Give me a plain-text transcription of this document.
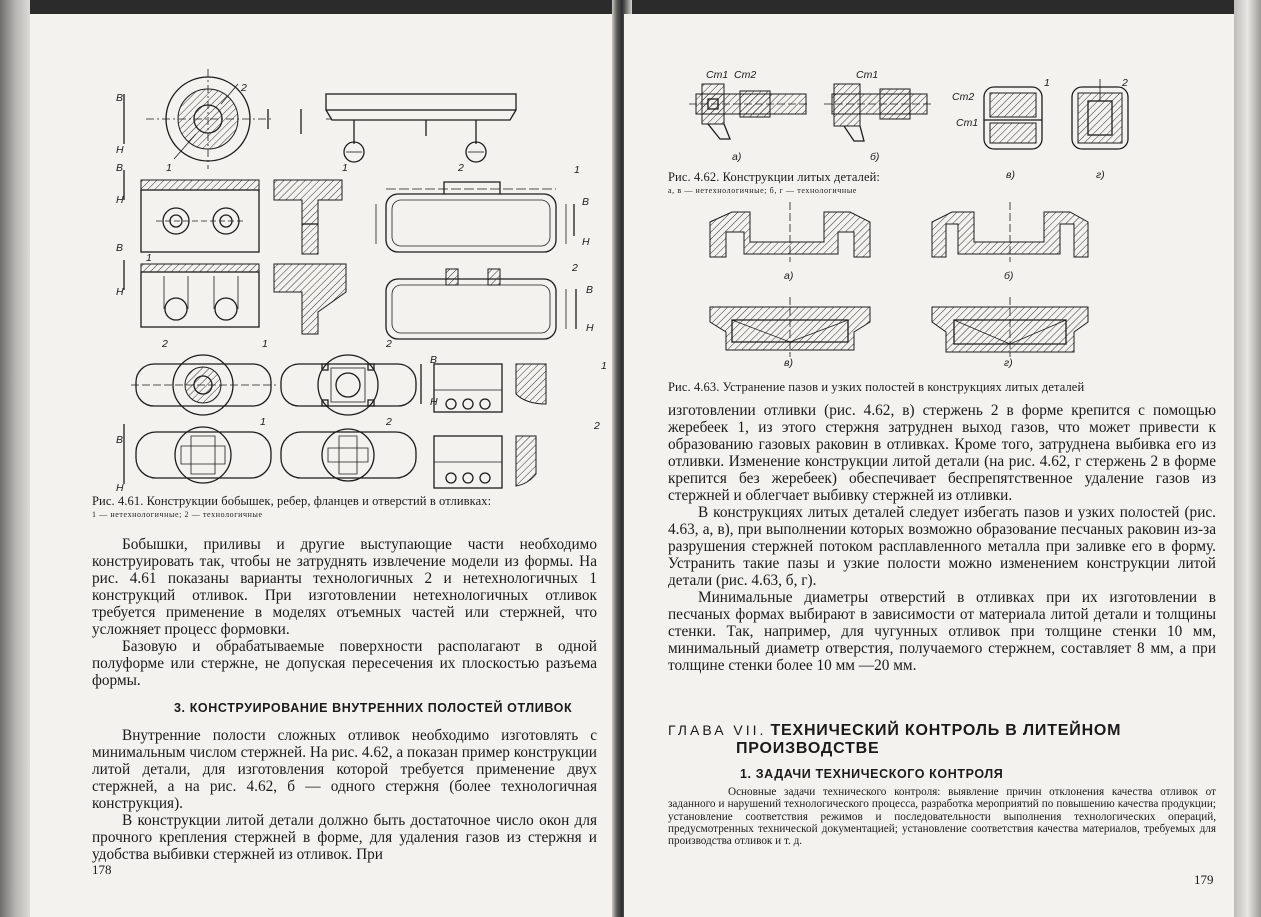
В
Н
В
Н
В
Н
В
Н
2
1	1	2	1
В
Н
1
2
В
Н
2	1	2
В
Н
1
1	2	2
Рис. 4.61. Конструкции бобышек, ребер, фланцев и отверстий в отливках:
1 — нетехнологичные; 2 — технологичные

Бобышки, приливы и другие выступающие части необходимо конструировать так, чтобы не затруднять извлечение модели из формы. На рис. 4.61 показаны варианты технологичных 2 и нетехнологичных 1 конструкций отливок. При изготовлении нетехнологичных отливок требуется применение в моделях отъемных частей или стержней, что усложняет процесс формовки.

Базовую и обрабатываемые поверхности располагают в одной полуформе или стержне, не допуская пересечения их плоскостью разъема формы.

3. КОНСТРУИРОВАНИЕ ВНУТРЕННИХ ПОЛОСТЕЙ ОТЛИВОК

Внутренние полости сложных отливок необходимо изготовлять с минимальным числом стержней. На рис. 4.62, а показан пример конструкции литой детали, для изготовления которой требуется применение двух стержней, а на рис. 4.62, б — одного стержня (более технологичная конструкция).

В конструкции литой детали должно быть достаточное число окон для прочного крепления стержней в форме, для удаления газов из стержня и удобства выбивки стержней из отливок. При

178
Ст1 Ст2	Ст1
Ст2
Ст1
1	2
а)	б)
в)	г)
Рис. 4.62. Конструкции литых деталей:
а, в — нетехнологичные; б, г — технологичные
а)	б)
в)	г)
Рис. 4.63. Устранение пазов и узких полостей в конструкциях литых деталей

изготовлении отливки (рис. 4.62, в) стержень 2 в форме крепится с помощью жеребеек 1, из этого стержня затруднен выход газов, что может привести к образованию газовых раковин в отливках. Кроме того, затруднена выбивка его из отливки. Изменение конструкции литой детали (на рис. 4.62, г стержень 2 в форме крепится без жеребеек) обеспечивает беспрепятственное удаление газов из стержней и облегчает выбивку стержней из отливки.

В конструкциях литых деталей следует избегать пазов и узких полостей (рис. 4.63, а, в), при выполнении которых возможно образование песчаных раковин из-за разрушения стержней потоком расплавленного металла при заливке его в форму. Устранить такие пазы и узкие полости можно изменением конструкции литой детали (рис. 4.63, б, г).

Минимальные диаметры отверстий в отливках при их изготовлении в песчаных формах выбирают в зависимости от материала литой детали и толщины стенки. Так, например, для чугунных отливок при толщине стенки 10 мм, минимальный диаметр отверстия, получаемого стержнем, составляет 8 мм, а при толщине стенки более 10 мм —20 мм.

ГЛАВА VII. ТЕХНИЧЕСКИЙ КОНТРОЛЬ В ЛИТЕЙНОМ
ПРОИЗВОДСТВЕ
1. ЗАДАЧИ ТЕХНИЧЕСКОГО КОНТРОЛЯ
Основные задачи технического контроля: выявление причин отклонения качества отливок от заданного и нарушений технологического процесса, разработка мероприятий по повышению качества продукции; установление соответствия режимов и последовательности выполнения технологических операций, предусмотренных технической документацией; установление соответствия качества материалов, требуемых для производства отливок и т. д.
179
